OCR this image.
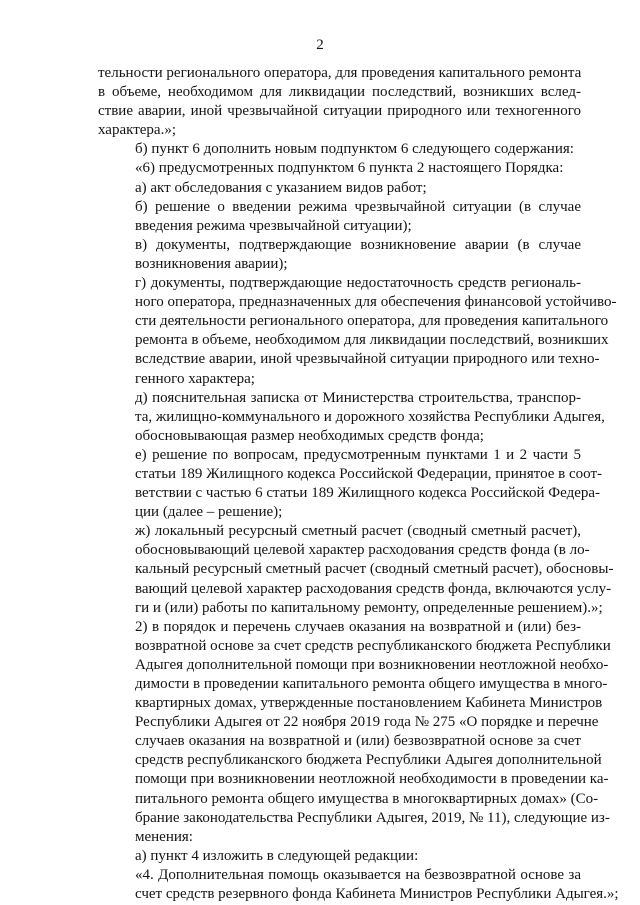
2
тельности регионального оператора, для проведения капитального ремонта
в объеме, необходимом для ликвидации последствий, возникших вслед-
ствие аварии, иной чрезвычайной ситуации природного или техногенного
характера.»;
б) пункт 6 дополнить новым подпунктом 6 следующего содержания:
«6) предусмотренных подпунктом 6 пункта 2 настоящего Порядка:
а) акт обследования с указанием видов работ;
б) решение о введении режима чрезвычайной ситуации (в случае
введения режима чрезвычайной ситуации);
в) документы, подтверждающие возникновение аварии (в случае
возникновения аварии);
г) документы, подтверждающие недостаточность средств региональ-
ного оператора, предназначенных для обеспечения финансовой устойчиво-
сти деятельности регионального оператора, для проведения капитального
ремонта в объеме, необходимом для ликвидации последствий, возникших
вследствие аварии, иной чрезвычайной ситуации природного или техно-
генного характера;
д) пояснительная записка от Министерства строительства, транспор-
та, жилищно-коммунального и дорожного хозяйства Республики Адыгея,
обосновывающая размер необходимых средств фонда;
е) решение по вопросам, предусмотренным пунктами 1 и 2 части 5
статьи 189 Жилищного кодекса Российской Федерации, принятое в соот-
ветствии с частью 6 статьи 189 Жилищного кодекса Российской Федера-
ции (далее – решение);
ж) локальный ресурсный сметный расчет (сводный сметный расчет),
обосновывающий целевой характер расходования средств фонда (в ло-
кальный ресурсный сметный расчет (сводный сметный расчет), обосновы-
вающий целевой характер расходования средств фонда, включаются услу-
ги и (или) работы по капитальному ремонту, определенные решением).»;
2) в порядок и перечень случаев оказания на возвратной и (или) без-
возвратной основе за счет средств республиканского бюджета Республики
Адыгея дополнительной помощи при возникновении неотложной необхо-
димости в проведении капитального ремонта общего имущества в много-
квартирных домах, утвержденные постановлением Кабинета Министров
Республики Адыгея от 22 ноября 2019 года № 275 «О порядке и перечне
случаев оказания на возвратной и (или) безвозвратной основе за счет
средств республиканского бюджета Республики Адыгея дополнительной
помощи при возникновении неотложной необходимости в проведении ка-
питального ремонта общего имущества в многоквартирных домах» (Со-
брание законодательства Республики Адыгея, 2019, № 11), следующие из-
менения:
а) пункт 4 изложить в следующей редакции:
«4. Дополнительная помощь оказывается на безвозвратной основе за
счет средств резервного фонда Кабинета Министров Республики Адыгея.»;
